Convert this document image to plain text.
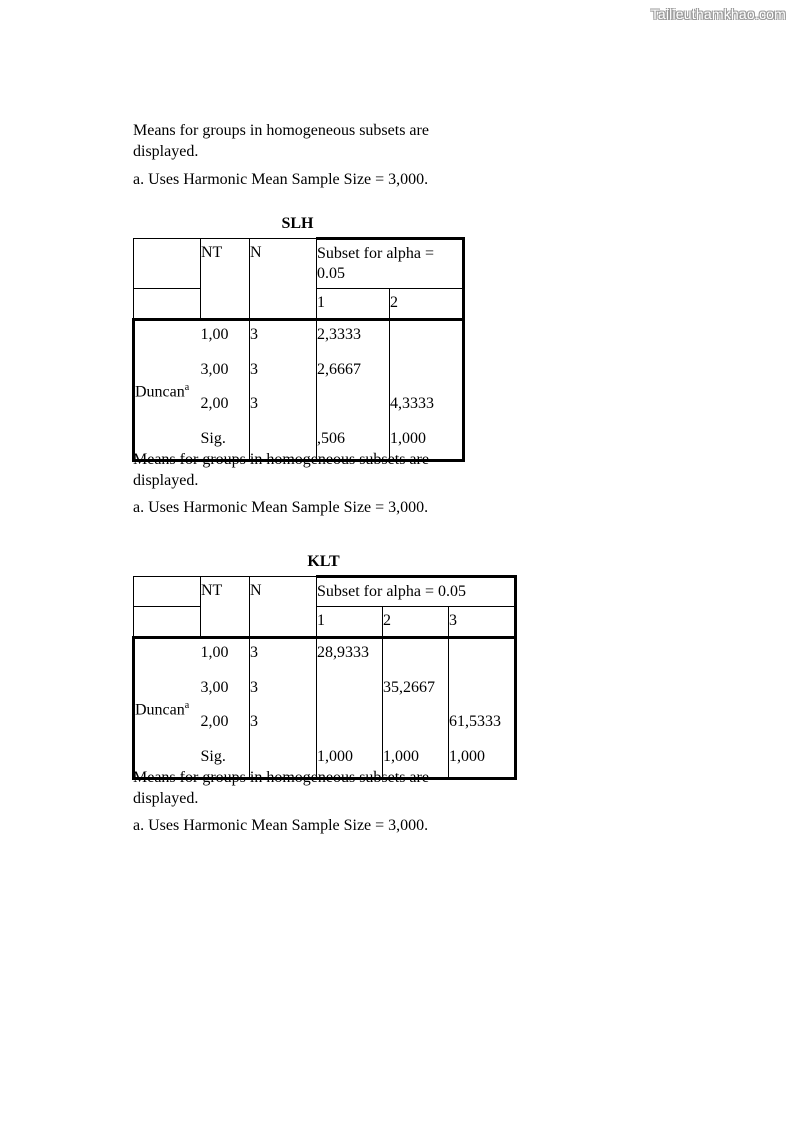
Tailieuthamkhao.com

Means for groups in homogeneous subsets are displayed.

a. Uses Harmonic Mean Sample Size = 3,000.

SLH
	NT	N	Subset for alpha = 0.05	
			1	2
Duncan$^a$	1,00	3	2,3333	
	3,00	3	2,6667	
	2,00	3		4,3333
	Sig.		,506	1,000

Means for groups in homogeneous subsets are displayed.

a. Uses Harmonic Mean Sample Size = 3,000.

KLT
	NT	N	Subset for alpha = 0.05		
			1	2	3
Duncan$^a$	1,00	3	28,9333		
	3,00	3		35,2667	
	2,00	3			61,5333
	Sig.		1,000	1,000	1,000

Means for groups in homogeneous subsets are displayed.

a. Uses Harmonic Mean Sample Size = 3,000.
